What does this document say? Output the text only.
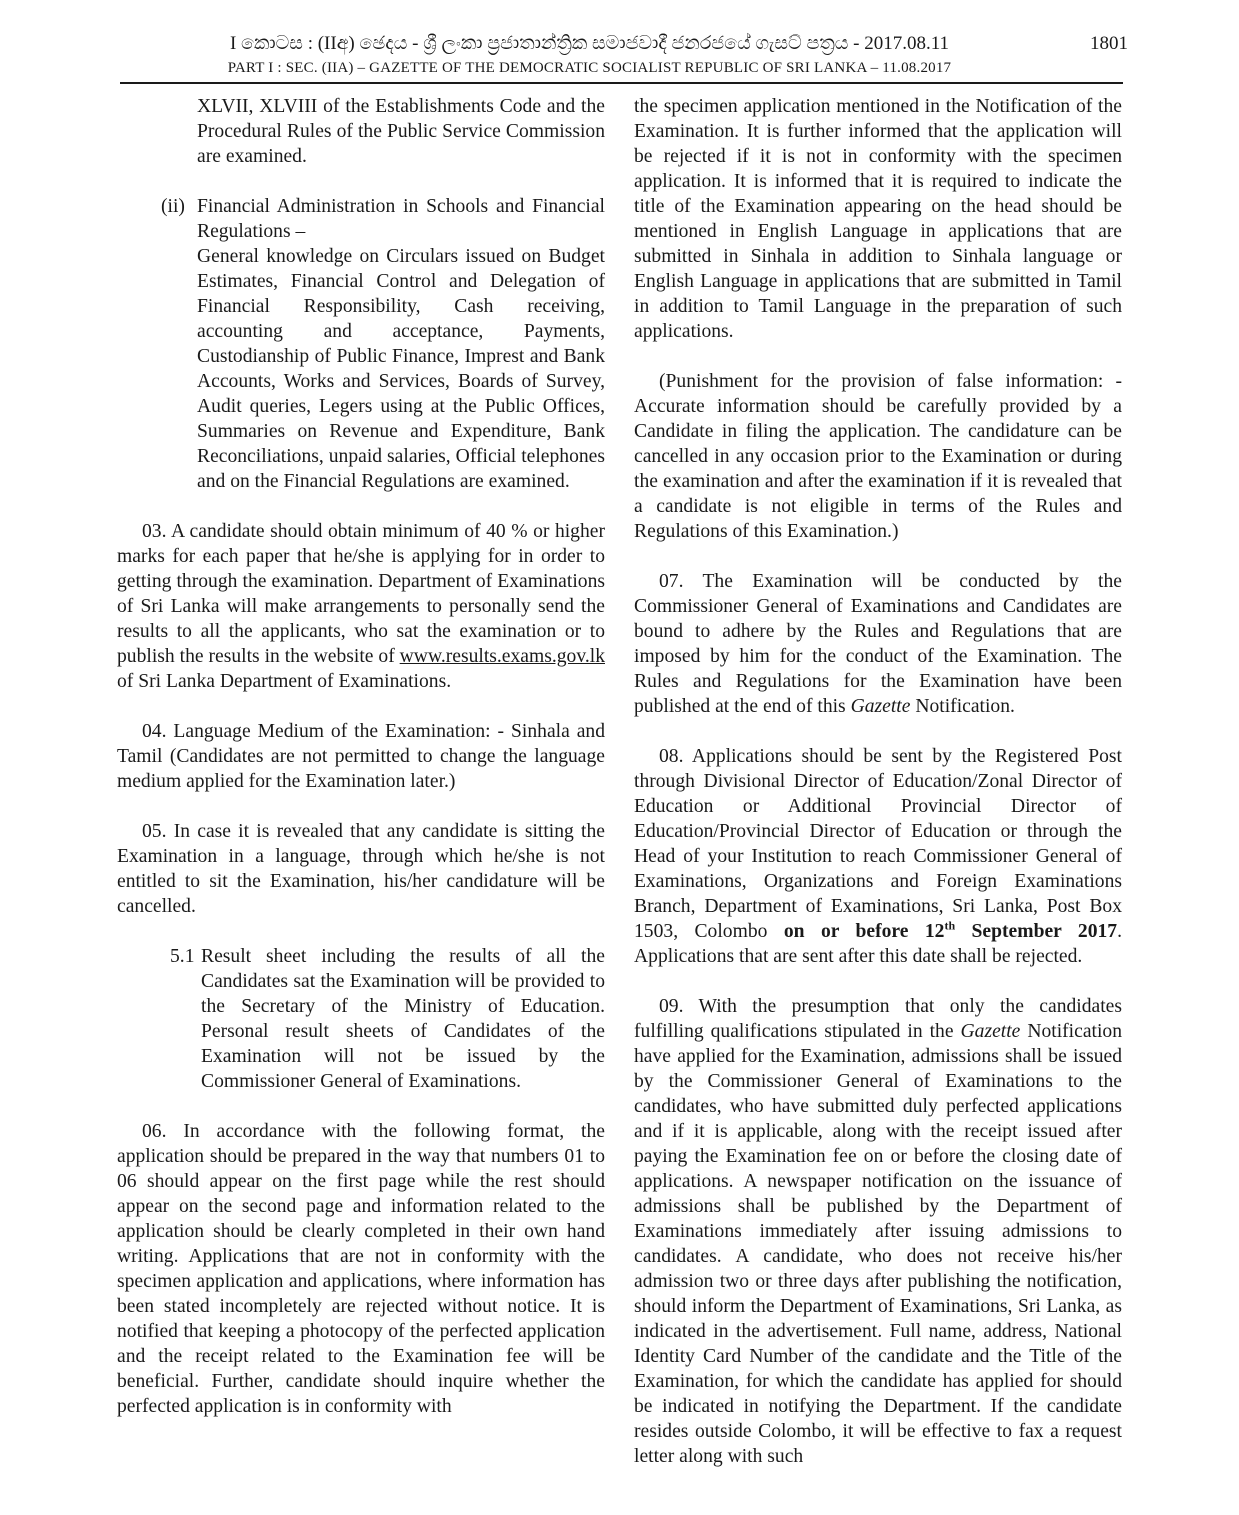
I කොටස : (IIඅ) ඡෙදය - ශ්‍රී ලංකා ප්‍රජාතාන්ත්‍රික සමාජවාදී ජනරජයේ ගැසට් පත්‍රය - 2017.08.11	1801
PART I : SEC. (IIA) – GAZETTE OF THE DEMOCRATIC SOCIALIST REPUBLIC OF SRI LANKA – 11.08.2017

XLVII, XLVIII of the Establishments Code and the Procedural Rules of the Public Service Commission are examined.

(ii) Financial Administration in Schools and Financial Regulations –

General knowledge on Circulars issued on Budget Estimates, Financial Control and Delegation of Financial Responsibility, Cash receiving, accounting and acceptance, Payments, Custodianship of Public Finance, Imprest and Bank Accounts, Works and Services, Boards of Survey, Audit queries, Legers using at the Public Offices, Summaries on Revenue and Expenditure, Bank Reconciliations, unpaid salaries, Official telephones and on the Financial Regulations are examined.

03. A candidate should obtain minimum of 40 % or higher marks for each paper that he/she is applying for in order to getting through the examination. Department of Examinations of Sri Lanka will make arrangements to personally send the results to all the applicants, who sat the examination or to publish the results in the website of www.results.exams.gov.lk of Sri Lanka Department of Examinations.

04. Language Medium of the Examination: - Sinhala and Tamil (Candidates are not permitted to change the language medium applied for the Examination later.)

05. In case it is revealed that any candidate is sitting the Examination in a language, through which he/she is not entitled to sit the Examination, his/her candidature will be cancelled.

5.1 Result sheet including the results of all the Candidates sat the Examination will be provided to the Secretary of the Ministry of Education. Personal result sheets of Candidates of the Examination will not be issued by the Commissioner General of Examinations.

06. In accordance with the following format, the application should be prepared in the way that numbers 01 to 06 should appear on the first page while the rest should appear on the second page and information related to the application should be clearly completed in their own hand writing. Applications that are not in conformity with the specimen application and applications, where information has been stated incompletely are rejected without notice. It is notified that keeping a photocopy of the perfected application and the receipt related to the Examination fee will be beneficial. Further, candidate should inquire whether the perfected application is in conformity with

the specimen application mentioned in the Notification of the Examination. It is further informed that the application will be rejected if it is not in conformity with the specimen application. It is informed that it is required to indicate the title of the Examination appearing on the head should be mentioned in English Language in applications that are submitted in Sinhala in addition to Sinhala language or English Language in applications that are submitted in Tamil in addition to Tamil Language in the preparation of such applications.

(Punishment for the provision of false information: - Accurate information should be carefully provided by a Candidate in filing the application. The candidature can be cancelled in any occasion prior to the Examination or during the examination and after the examination if it is revealed that a candidate is not eligible in terms of the Rules and Regulations of this Examination.)

07. The Examination will be conducted by the Commissioner General of Examinations and Candidates are bound to adhere by the Rules and Regulations that are imposed by him for the conduct of the Examination. The Rules and Regulations for the Examination have been published at the end of this Gazette Notification.

08. Applications should be sent by the Registered Post through Divisional Director of Education/Zonal Director of Education or Additional Provincial Director of Education/Provincial Director of Education or through the Head of your Institution to reach Commissioner General of Examinations, Organizations and Foreign Examinations Branch, Department of Examinations, Sri Lanka, Post Box 1503, Colombo on or before 12th September 2017. Applications that are sent after this date shall be rejected.

09. With the presumption that only the candidates fulfilling qualifications stipulated in the Gazette Notification have applied for the Examination, admissions shall be issued by the Commissioner General of Examinations to the candidates, who have submitted duly perfected applications and if it is applicable, along with the receipt issued after paying the Examination fee on or before the closing date of applications. A newspaper notification on the issuance of admissions shall be published by the Department of Examinations immediately after issuing admissions to candidates. A candidate, who does not receive his/her admission two or three days after publishing the notification, should inform the Department of Examinations, Sri Lanka, as indicated in the advertisement. Full name, address, National Identity Card Number of the candidate and the Title of the Examination, for which the candidate has applied for should be indicated in notifying the Department. If the candidate resides outside Colombo, it will be effective to fax a request letter along with such
